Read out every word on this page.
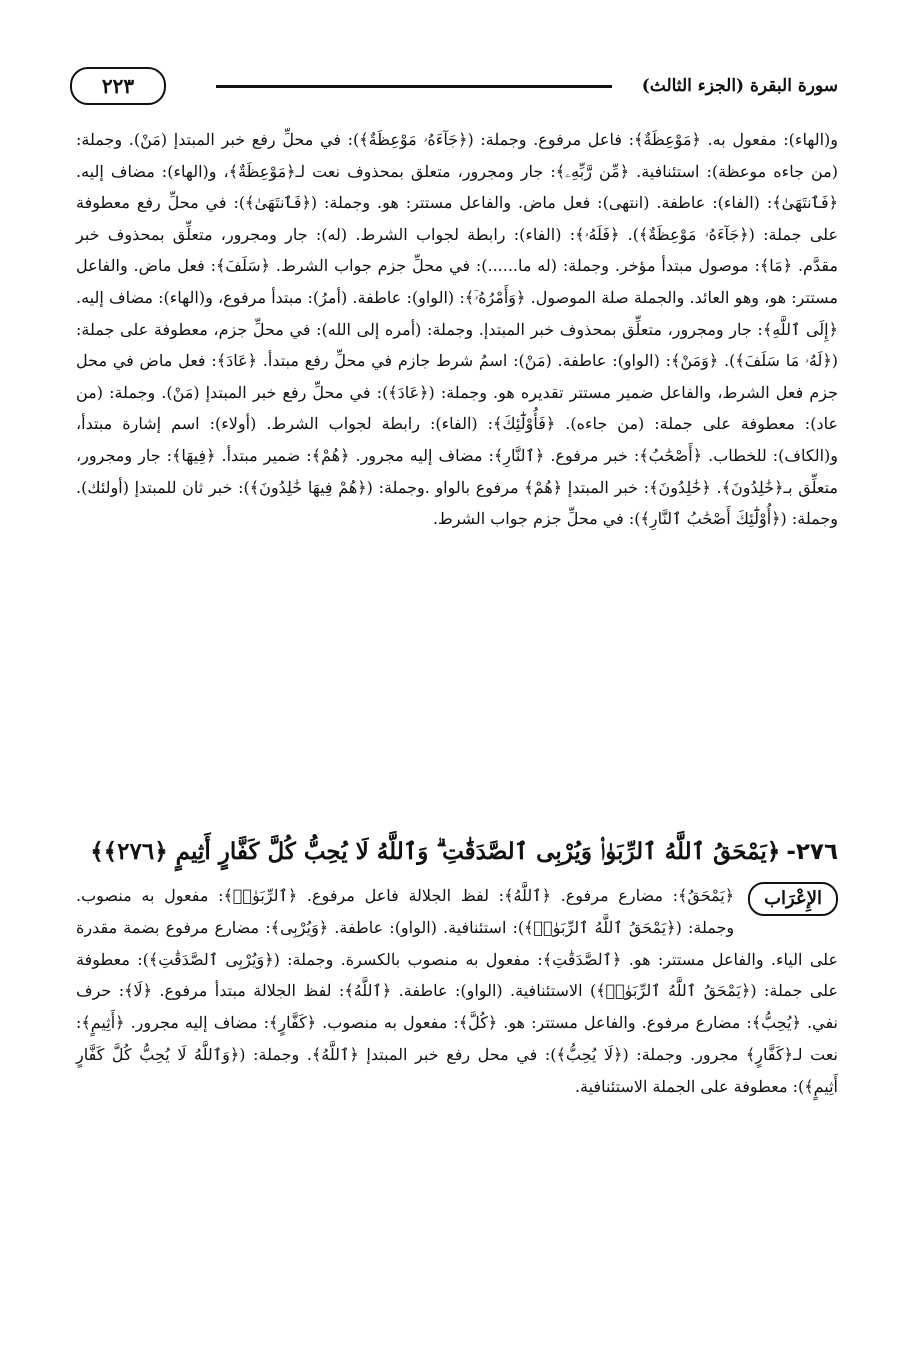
سورة البقرة (الجزء الثالث)
٢٢٣

و(الهاء): مفعول به. ﴿مَوْعِظَةٌ﴾: فاعل مرفوع. وجملة: (﴿جَآءَهُۥ مَوْعِظَةٌ﴾): في محلِّ رفع خبر المبتدإ (مَنْ). وجملة: (من جاءه موعظة): استئنافية. ﴿مِّن رَّبِّهِۦ﴾: جار ومجرور، متعلق بمحذوف نعت لـ﴿مَوْعِظَةٌ﴾، و(الهاء): مضاف إليه. ﴿فَٱنتَهَىٰ﴾: (الفاء): عاطفة. (انتهى): فعل ماض. والفاعل مستتر: هو. وجملة: (﴿فَٱنتَهَىٰ﴾): في محلِّ رفع معطوفة على جملة: (﴿جَآءَهُۥ مَوْعِظَةٌ﴾). ﴿فَلَهُۥ﴾: (الفاء): رابطة لجواب الشرط. (له): جار ومجرور، متعلِّق بمحذوف خبر مقدَّم. ﴿مَا﴾: موصول مبتدأ مؤخر. وجملة: (له ما......): في محلِّ جزم جواب الشرط. ﴿سَلَفَ﴾: فعل ماض. والفاعل مستتر: هو، وهو العائد. والجملة صلة الموصول. ﴿وَأَمْرُهُۥٓ﴾: (الواو): عاطفة. (أمرُ): مبتدأ مرفوع، و(الهاء): مضاف إليه. ﴿إِلَى ٱللَّهِ﴾: جار ومجرور، متعلِّق بمحذوف خبر المبتدإ. وجملة: (أمره إلى الله): في محلِّ جزم، معطوفة على جملة: (﴿لَهُۥ مَا سَلَفَ﴾). ﴿وَمَنْ﴾: (الواو): عاطفة. (مَنْ): اسمُ شرط جازم في محلِّ رفع مبتدأ. ﴿عَادَ﴾: فعل ماض في محل جزم فعل الشرط، والفاعل ضمير مستتر تقديره هو. وجملة: (﴿عَادَ﴾): في محلِّ رفع خبر المبتدإ (مَنْ). وجملة: (من عاد): معطوفة على جملة: (من جاءه). ﴿فَأُوْلَٰٓئِكَ﴾: (الفاء): رابطة لجواب الشرط. (أولاء): اسم إشارة مبتدأ، و(الكاف): للخطاب. ﴿أَصْحَٰبُ﴾: خبر مرفوع. ﴿ٱلنَّارِ﴾: مضاف إليه مجرور. ﴿هُمْ﴾: ضمير مبتدأ. ﴿فِيهَا﴾: جار ومجرور، متعلِّق بـ﴿خَٰلِدُونَ﴾. ﴿خَٰلِدُونَ﴾: خبر المبتدإ ﴿هُمْ﴾ مرفوع بالواو .وجملة: (﴿هُمْ فِيهَا خَٰلِدُونَ﴾): خبر ثان للمبتدإ (أولئك). وجملة: (﴿أُوْلَٰٓئِكَ أَصْحَٰبُ ٱلنَّارِ﴾): في محلِّ جزم جواب الشرط.

٢٧٦-﴿يَمْحَقُ ٱللَّهُ ٱلرِّبَوٰا۟ وَيُرْبِى ٱلصَّدَقَٰتِ ۗ وَٱللَّهُ لَا يُحِبُّ كُلَّ كَفَّارٍ أَثِيمٍ ﴿٢٧٦﴾﴾
الإِعْرَاب
﴿يَمْحَقُ﴾: مضارع مرفوع. ﴿ٱللَّهُ﴾: لفظ الجلالة فاعل مرفوع. ﴿ٱلرِّبَوٰا۟﴾: مفعول به منصوب. وجملة: (﴿يَمْحَقُ ٱللَّهُ ٱلرِّبَوٰا۟﴾): استئنافية. (الواو): عاطفة. ﴿وَيُرْبِى﴾: مضارع مرفوع بضمة مقدرة على الياء. والفاعل مستتر: هو. ﴿ٱلصَّدَقَٰتِ﴾: مفعول به منصوب بالكسرة. وجملة: (﴿وَيُرْبِى ٱلصَّدَقَٰتِ﴾): معطوفة على جملة: (﴿يَمْحَقُ ٱللَّهُ ٱلرِّبَوٰا۟﴾) الاستئنافية. (الواو): عاطفة. ﴿ٱللَّهُ﴾: لفظ الجلالة مبتدأ مرفوع. ﴿لَا﴾: حرف نفي. ﴿يُحِبُّ﴾: مضارع مرفوع. والفاعل مستتر: هو. ﴿كُلَّ﴾: مفعول به منصوب. ﴿كَفَّارٍ﴾: مضاف إليه مجرور. ﴿أَثِيمٍ﴾: نعت لـ﴿كَفَّارٍ﴾ مجرور. وجملة: (﴿لَا يُحِبُّ﴾): في محل رفع خبر المبتدإ ﴿ٱللَّهُ﴾. وجملة: (﴿وَٱللَّهُ لَا يُحِبُّ كُلَّ كَفَّارٍ أَثِيمٍ﴾): معطوفة على الجملة الاستئنافية.
